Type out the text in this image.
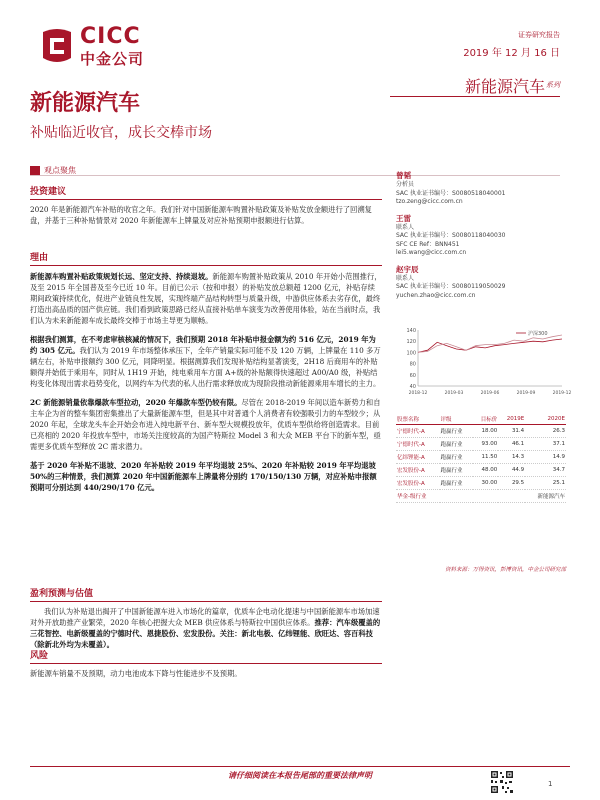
CICC
中金公司
证券研究报告
2019 年 12 月 16 日
新能源汽车 系列
新能源汽车
补贴临近收官，成长交棒市场
观点聚焦
投资建议

2020 年是新能源汽车补贴的收官之年。我们针对中国新能源车购置补贴政策及补贴发放金额进行了回溯复盘，并基于三种补贴情景对 2020 年新能源车上牌量及对应补贴预期申报额进行估算。

理由

新能源车购置补贴政策规划长远、坚定支持、持续退坡。新能源车购置补贴政策从 2010 年开始小范围推行，及至 2015 年全国普及至今已近 10 年。目前已公示（按和申报）的补贴发放总额超 1200 亿元，补贴存续期间政策持续优化，促进产业链良性发展，实现终端产品结构转型与质量升级，中游供应体系去劣存优，最终打造出高品质的国产供应链。我们看到政策思路已经从直接补贴单车演变为改善使用体验，站在当前时点，我们认为未来新能源车成长最终交棒于市场主导更为顺畅。

根据我们测算，在不考虑审核核减的情况下，我们预期 2018 年补贴申报金额为约 516 亿元，2019 年为约 305 亿元。我们认为 2019 年市场整体承压下，全年产销量实际可能不及 120 万辆，上牌量在 110 多万辆左右，补贴申报额约 300 亿元，同降明显。根据测算我们发现补贴结构显著演变，2H18 后商用车的补贴额得并始低于乘用车，同时从 1H19 开始，纯电乘用车方面 A+级的补贴额得快速超过 A00/A0 级，补贴结构变化体现出需求趋势变化，以网约车为代表的私人出行需求释放成为现阶段推动新能源乘用车增长的主力。

2C 新能源销量依靠爆款车型拉动，2020 年爆款车型仍较有限。尽管在 2018-2019 年间以造车新势力和自主车企为首的整车集团密集推出了大量新能源车型，但是其中对普通个人消费者有较强吸引力的车型较少；从 2020 年起，全球龙头车企开始会布进入纯电新平台、新车型大规模投放年，优质车型供给将创造需求。目前已亮相的 2020 年投放车型中，市场关注度较高的为国产特斯拉 Model 3 和大众 MEB 平台下的新车型，亟需更多优质车型释放 2C 需求潜力。

基于 2020 年补贴不退坡、2020 年补贴较 2019 年平均退坡 25%、2020 年补贴较 2019 年平均退坡 50%的三种情景，我们测算 2020 年中国新能源车上牌量将分别约 170/150/130 万辆，对应补贴申报额预期可分别达到 440/290/170 亿元。

盈利预测与估值

我们认为补贴退出揭开了中国新能源车进入市场化的篇章，优质车企电动化提速与中国新能源车市场加速对外开放助推产业繁荣，2020 年核心把握大众 MEB 供应体系与特斯拉中国供应体系。推荐：汽车级覆盖的三花智控、电新级覆盖的宁德时代、恩捷股份、宏发股份。关注：新北电极、亿纬锂能、欣旺达、容百科技（除新北外均为未覆盖）。

风险

新能源车销量不及预期，动力电池成本下降与性能进步不及预期。

曾韬
分析员
SAC 执业证书编号：S0080518040001
tzo.zeng@cicc.com.cn
王雷
联系人
SAC 执业证书编号：S0080118040030
SFC CE Ref：BNN451
lei5.wang@cicc.com.cn
赵宇辰
联系人
SAC 执业证书编号：S0080119050029
yuchen.zhao@cicc.com.cn
140
120
100
80
60
40
2018-12	2019-03	2019-06	2019-09	2019-12
沪深300
股票名称	评级	目标价	2019E	2020E
宁德时代-A	跑赢行业	18.00	31.4	26.3
宁德时代-A	跑赢行业	93.00	46.1	37.1
亿纬锂能-A	跑赢行业	11.50	14.3	14.9
宏发股份-A	跑赢行业	48.00	44.9	34.7
宏发股份-A	跑赢行业	30.00	29.5	25.1
华金-级行业				新能源汽车
资料来源：万得资讯，彭博资讯，中金公司研究部
请仔细阅读在本报告尾部的重要法律声明
1
